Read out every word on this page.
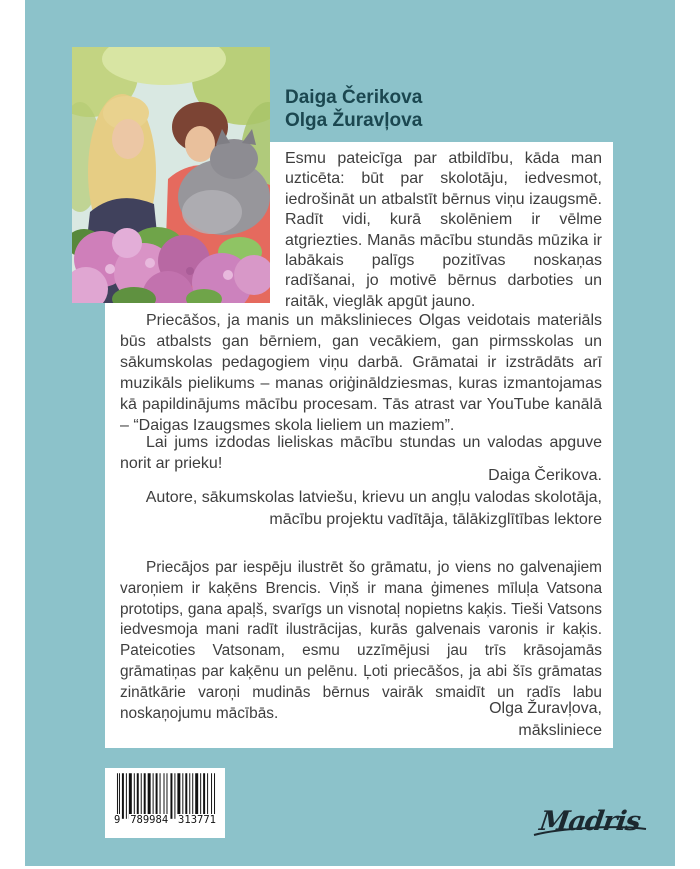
Daiga Čerikova
Olga Žuravļova

Esmu pateicīga par atbildību, kāda man uzticēta: būt par skolotāju, iedvesmot, iedrošināt un atbalstīt bērnus viņu izaugsmē. Radīt vidi, kurā skolēniem ir vēlme atgriezties. Manās mācību stundās mūzika ir labākais palīgs pozitīvas noskaņas radīšanai, jo motivē bērnus darboties un raitāk, vieglāk apgūt jauno.

Priecāšos, ja manis un mākslinieces Olgas veidotais materiāls būs atbalsts gan bērniem, gan vecākiem, gan pirmsskolas un sākumskolas pedagogiem viņu darbā. Grāmatai ir izstrādāts arī muzikāls pielikums – manas oriģināldziesmas, kuras izmantojamas kā papildinājums mācību procesam. Tās atrast var YouTube kanālā – “Daigas Izaugsmes skola lieliem un maziem”.

Lai jums izdodas lieliskas mācību stundas un valodas apguve norit ar prieku!

Daiga Čerikova.
Autore, sākumskolas latviešu, krievu un angļu valodas skolotāja,
mācību projektu vadītāja, tālākizglītības lektore

Priecājos par iespēju ilustrēt šo grāmatu, jo viens no galvenajiem varoņiem ir kaķēns Brencis. Viņš ir mana ģimenes mīluļa Vatsona prototips, gana apaļš, svarīgs un visnotaļ nopietns kaķis. Tieši Vatsons iedvesmoja mani radīt ilustrācijas, kurās galvenais varonis ir kaķis. Pateicoties Vatsonam, esmu uzzīmējusi jau trīs krāsojamās grāmatiņas par kaķēnu un pelēnu. Ļoti priecāšos, ja abi šīs grāmatas zinātkārie varoņi mudinās bērnus vairāk smaidīt un radīs labu noskaņojumu mācībās.	Olga Žuravļova,
māksliniece
9 789984 313771	Madris
